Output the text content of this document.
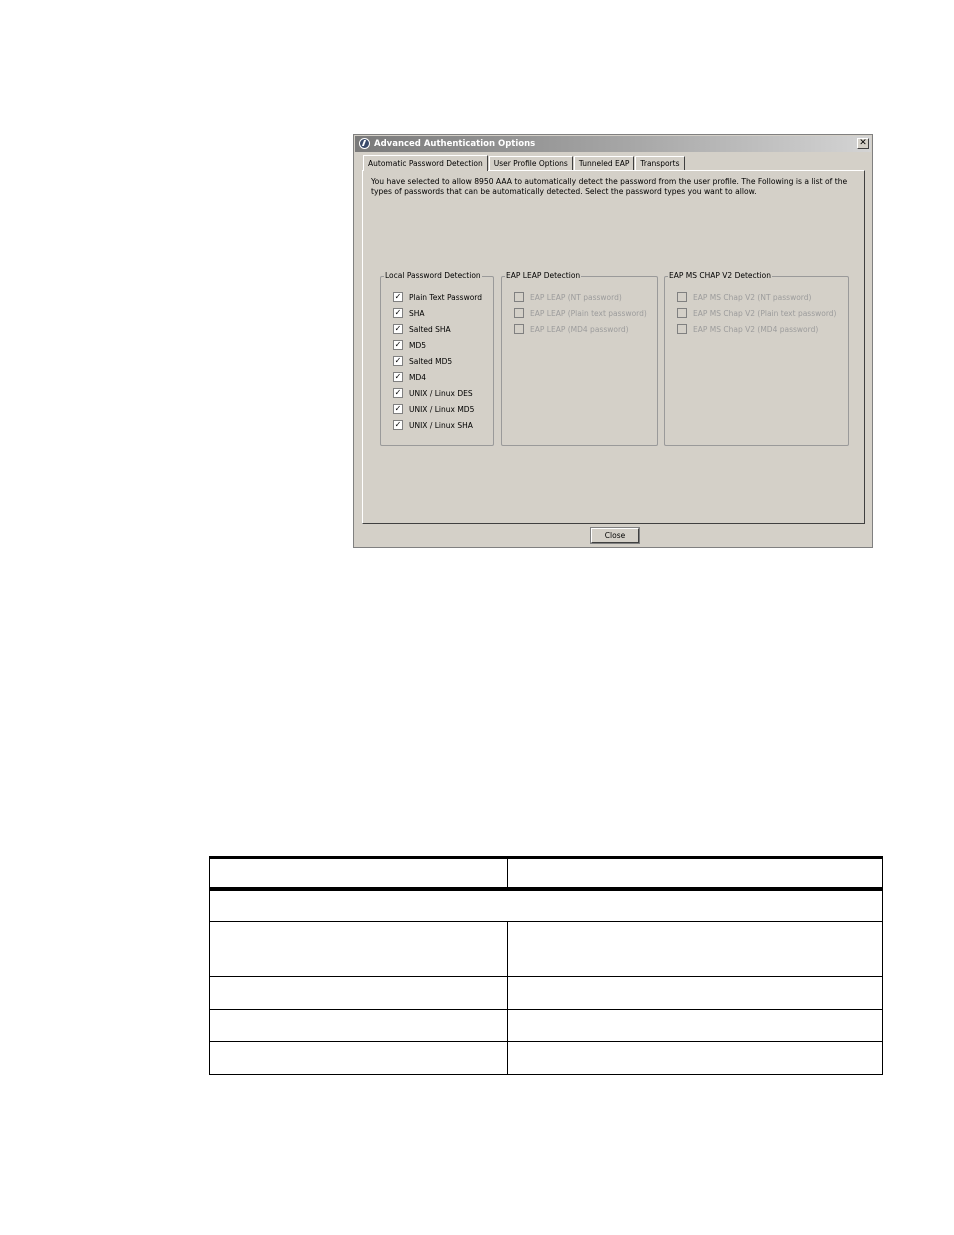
Advanced Authentication Options	✕
Automatic Password Detection	User Profile Options	Tunneled EAP	Transports
You have selected to allow 8950 AAA to automatically detect the password from the user profile. The Following is a list of the types of passwords that can be automatically detected. Select the password types you want to allow.
Local Password Detection
✓ Plain Text Password
✓ SHA
✓ Salted SHA
✓ MD5
✓ Salted MD5
✓ MD4
✓ UNIX / Linux DES
✓ UNIX / Linux MD5
✓ UNIX / Linux SHA
EAP LEAP Detection
EAP LEAP (NT password)
EAP LEAP (Plain text password)
EAP LEAP (MD4 password)
EAP MS CHAP V2 Detection
EAP MS Chap V2 (NT password)
EAP MS Chap V2 (Plain text password)
EAP MS Chap V2 (MD4 password)
Close
